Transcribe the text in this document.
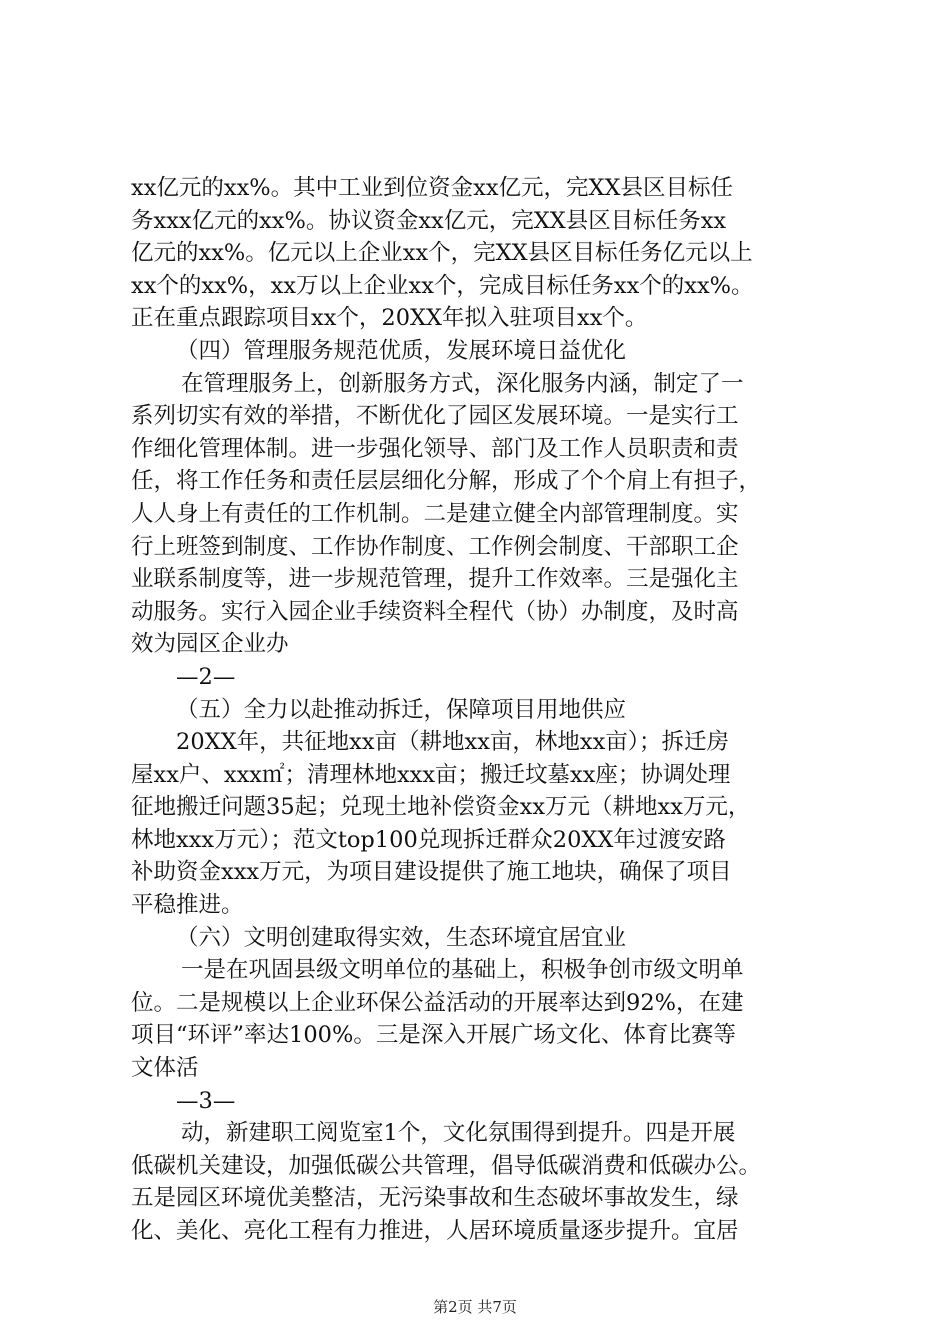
xx亿元的xx%。其中工业到位资金xx亿元，完XX县区目标任
务xxx亿元的xx%。协议资金xx亿元，完XX县区目标任务xx
亿元的xx%。亿元以上企业xx个，完XX县区目标任务亿元以上
xx个的xx%，xx万以上企业xx个，完成目标任务xx个的xx%。
正在重点跟踪项目xx个，20XX年拟入驻项目xx个。
（四）管理服务规范优质，发展环境日益优化
在管理服务上，创新服务方式，深化服务内涵，制定了一
系列切实有效的举措，不断优化了园区发展环境。一是实行工
作细化管理体制。进一步强化领导、部门及工作人员职责和责
任，将工作任务和责任层层细化分解，形成了个个肩上有担子，
人人身上有责任的工作机制。二是建立健全内部管理制度。实
行上班签到制度、工作协作制度、工作例会制度、干部职工企
业联系制度等，进一步规范管理，提升工作效率。三是强化主
动服务。实行入园企业手续资料全程代（协）办制度，及时高
效为园区企业办
—2—
（五）全力以赴推动拆迁，保障项目用地供应
20XX年，共征地xx亩（耕地xx亩，林地xx亩）；拆迁房
屋xx户、xxx㎡；清理林地xxx亩；搬迁坟墓xx座；协调处理
征地搬迁问题35起；兑现土地补偿资金xx万元（耕地xx万元，
林地xxx万元）；范文top100兑现拆迁群众20XX年过渡安路
补助资金xxx万元，为项目建设提供了施工地块，确保了项目
平稳推进。
（六）文明创建取得实效，生态环境宜居宜业
一是在巩固县级文明单位的基础上，积极争创市级文明单
位。二是规模以上企业环保公益活动的开展率达到92%，在建
项目“环评”率达100%。三是深入开展广场文化、体育比赛等
文体活
—3—
动，新建职工阅览室1个，文化氛围得到提升。四是开展
低碳机关建设，加强低碳公共管理，倡导低碳消费和低碳办公。
五是园区环境优美整洁，无污染事故和生态破坏事故发生，绿
化、美化、亮化工程有力推进，人居环境质量逐步提升。宜居
第2页 共7页
